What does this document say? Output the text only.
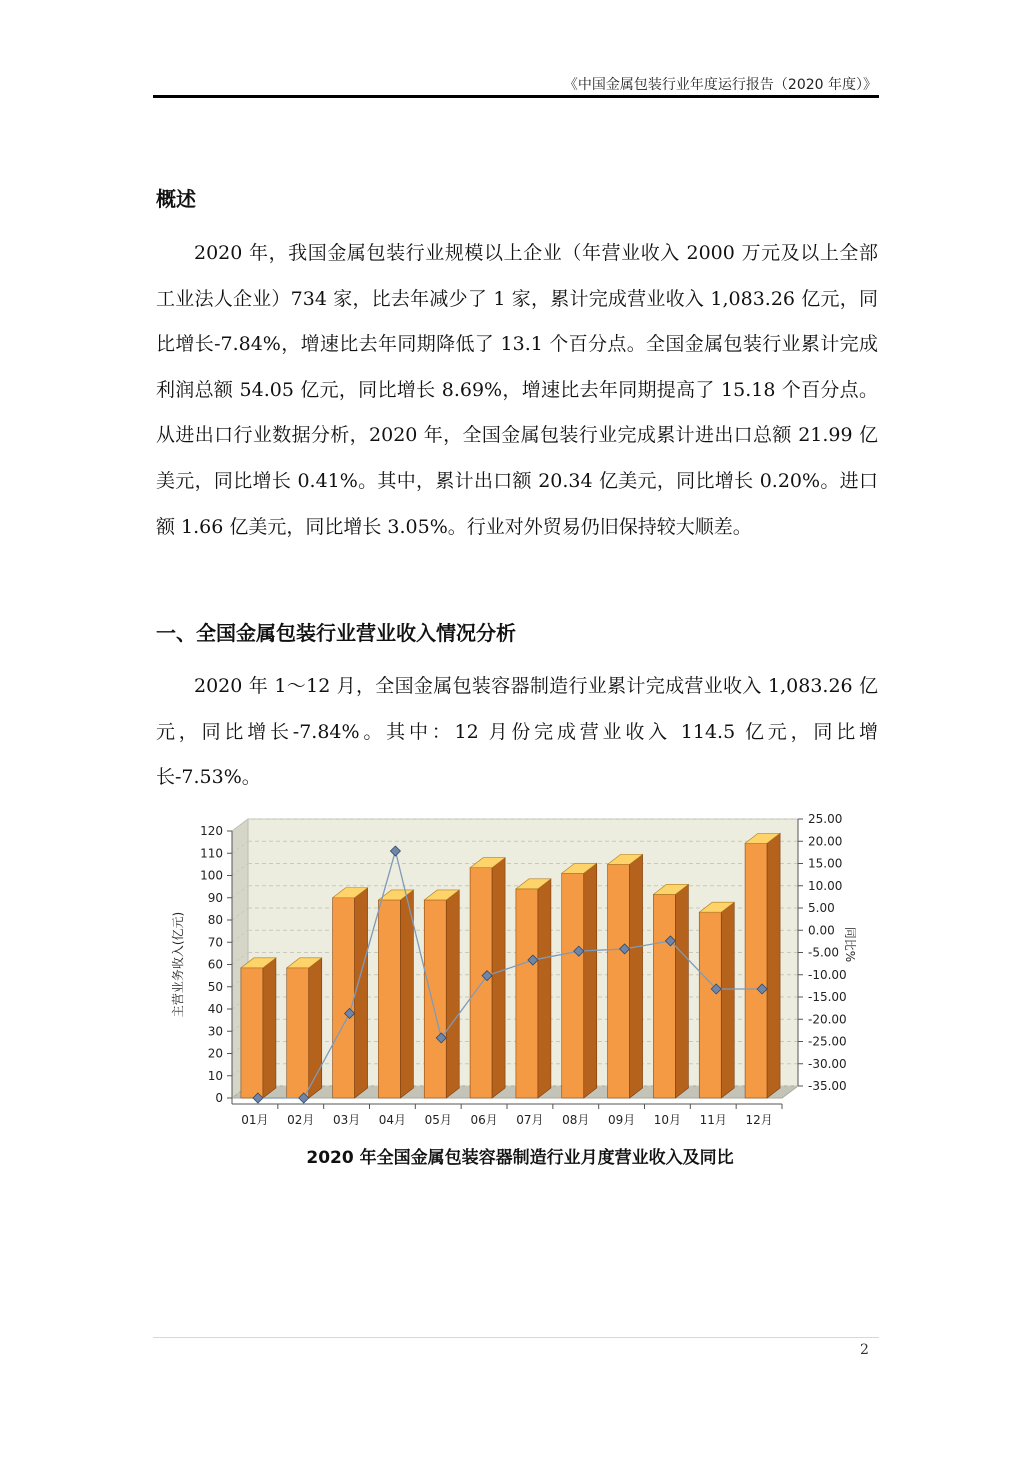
《中国金属包装行业年度运行报告（2020 年度）》
概述

2020 年，我国金属包装行业规模以上企业（年营业收入 2000 万元及以上全部工业法人企业）734 家，比去年减少了 1 家，累计完成营业收入 1,083.26 亿元，同比增长-7.84%，增速比去年同期降低了 13.1 个百分点。全国金属包装行业累计完成利润总额 54.05 亿元，同比增长 8.69%，增速比去年同期提高了 15.18 个百分点。从进出口行业数据分析，2020 年，全国金属包装行业完成累计进出口总额 21.99 亿美元，同比增长 0.41%。其中，累计出口额 20.34 亿美元，同比增长 0.20%。进口额 1.66 亿美元，同比增长 3.05%。行业对外贸易仍旧保持较大顺差。

一、全国金属包装行业营业收入情况分析

2020 年 1～12 月，全国金属包装容器制造行业累计完成营业收入 1,083.26 亿元，同比增长-7.84%。其中：12 月份完成营业收入 114.5 亿元，同比增长-7.53%。

0
10
20
30
40
50
60
70
80
90
100
110
120
-35.00
-30.00
-25.00
-20.00
-15.00
-10.00
-5.00
0.00
5.00
10.00
15.00
20.00
25.00
01月 02月 03月 04月 05月 06月 07月 08月 09月 10月 11月 12月
主营业务收入(亿元)	同比%
2020 年全国金属包装容器制造行业月度营业收入及同比
2
